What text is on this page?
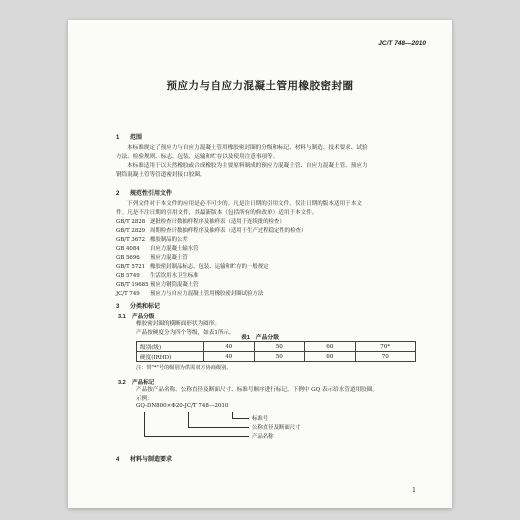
JC/T 748—2010
预应力与自应力混凝土管用橡胶密封圈
1 范围
本标准规定了预应力与自应力混凝土管用橡胶密封圈的分级和标记、材料与制造、技术要求、试验
方法、检验规则、标志、包装、运输和贮存以及使用注意事项等。
本标准适用于以天然橡胶或合成橡胶为主要原料制成的预应力混凝土管、自应力混凝土管、预应力
钢筒混凝土管等管道密封接口胶圈。
2 规范性引用文件
下列文件对于本文件的应用是必不可少的。凡是注日期的引用文件，仅注日期的版本适用于本文
件。凡是不注日期的引用文件，其最新版本（包括所有的修改单）适用于本文件。
GB/T 2828 逐批检查计数抽样程序及抽样表（适用于连续批的检查）
GB/T 2829 周期检查计数抽样程序及抽样表（适用于生产过程稳定性的检查）
GB/T 3672 橡胶制品的公差
GB 4084 自应力混凝土输水管
GB 5696 预应力混凝土管
GB/T 5721 橡胶密封制品标志、包装、运输和贮存的一般规定
GB 5749 生活饮用水卫生标准
GB/T 19685预应力钢筒混凝土管
JC/T 749 预应力与自应力混凝土管用橡胶密封圈试验方法
3 分类和标记
3.1 产品分级
橡胶密封圈的横断面形状为圆形。
产品按硬度分为四个等级，如表1所示。
表1　产品分级
级别(级)	40	50	60	70*
硬度(IRHD)	40	50	60	70
注：带"*"号的级别为供需双方协商级别。
3.2 产品标记
产品按产品名称、公称直径及断面尺寸、标准号顺序进行标记。下例中 GQ 表示给水管道用胶圈。
示例：
GQ-DN800×Φ20-JC/T 748—2010
标准号
公称直径及断面尺寸
产品名称
4 材料与制造要求
1
